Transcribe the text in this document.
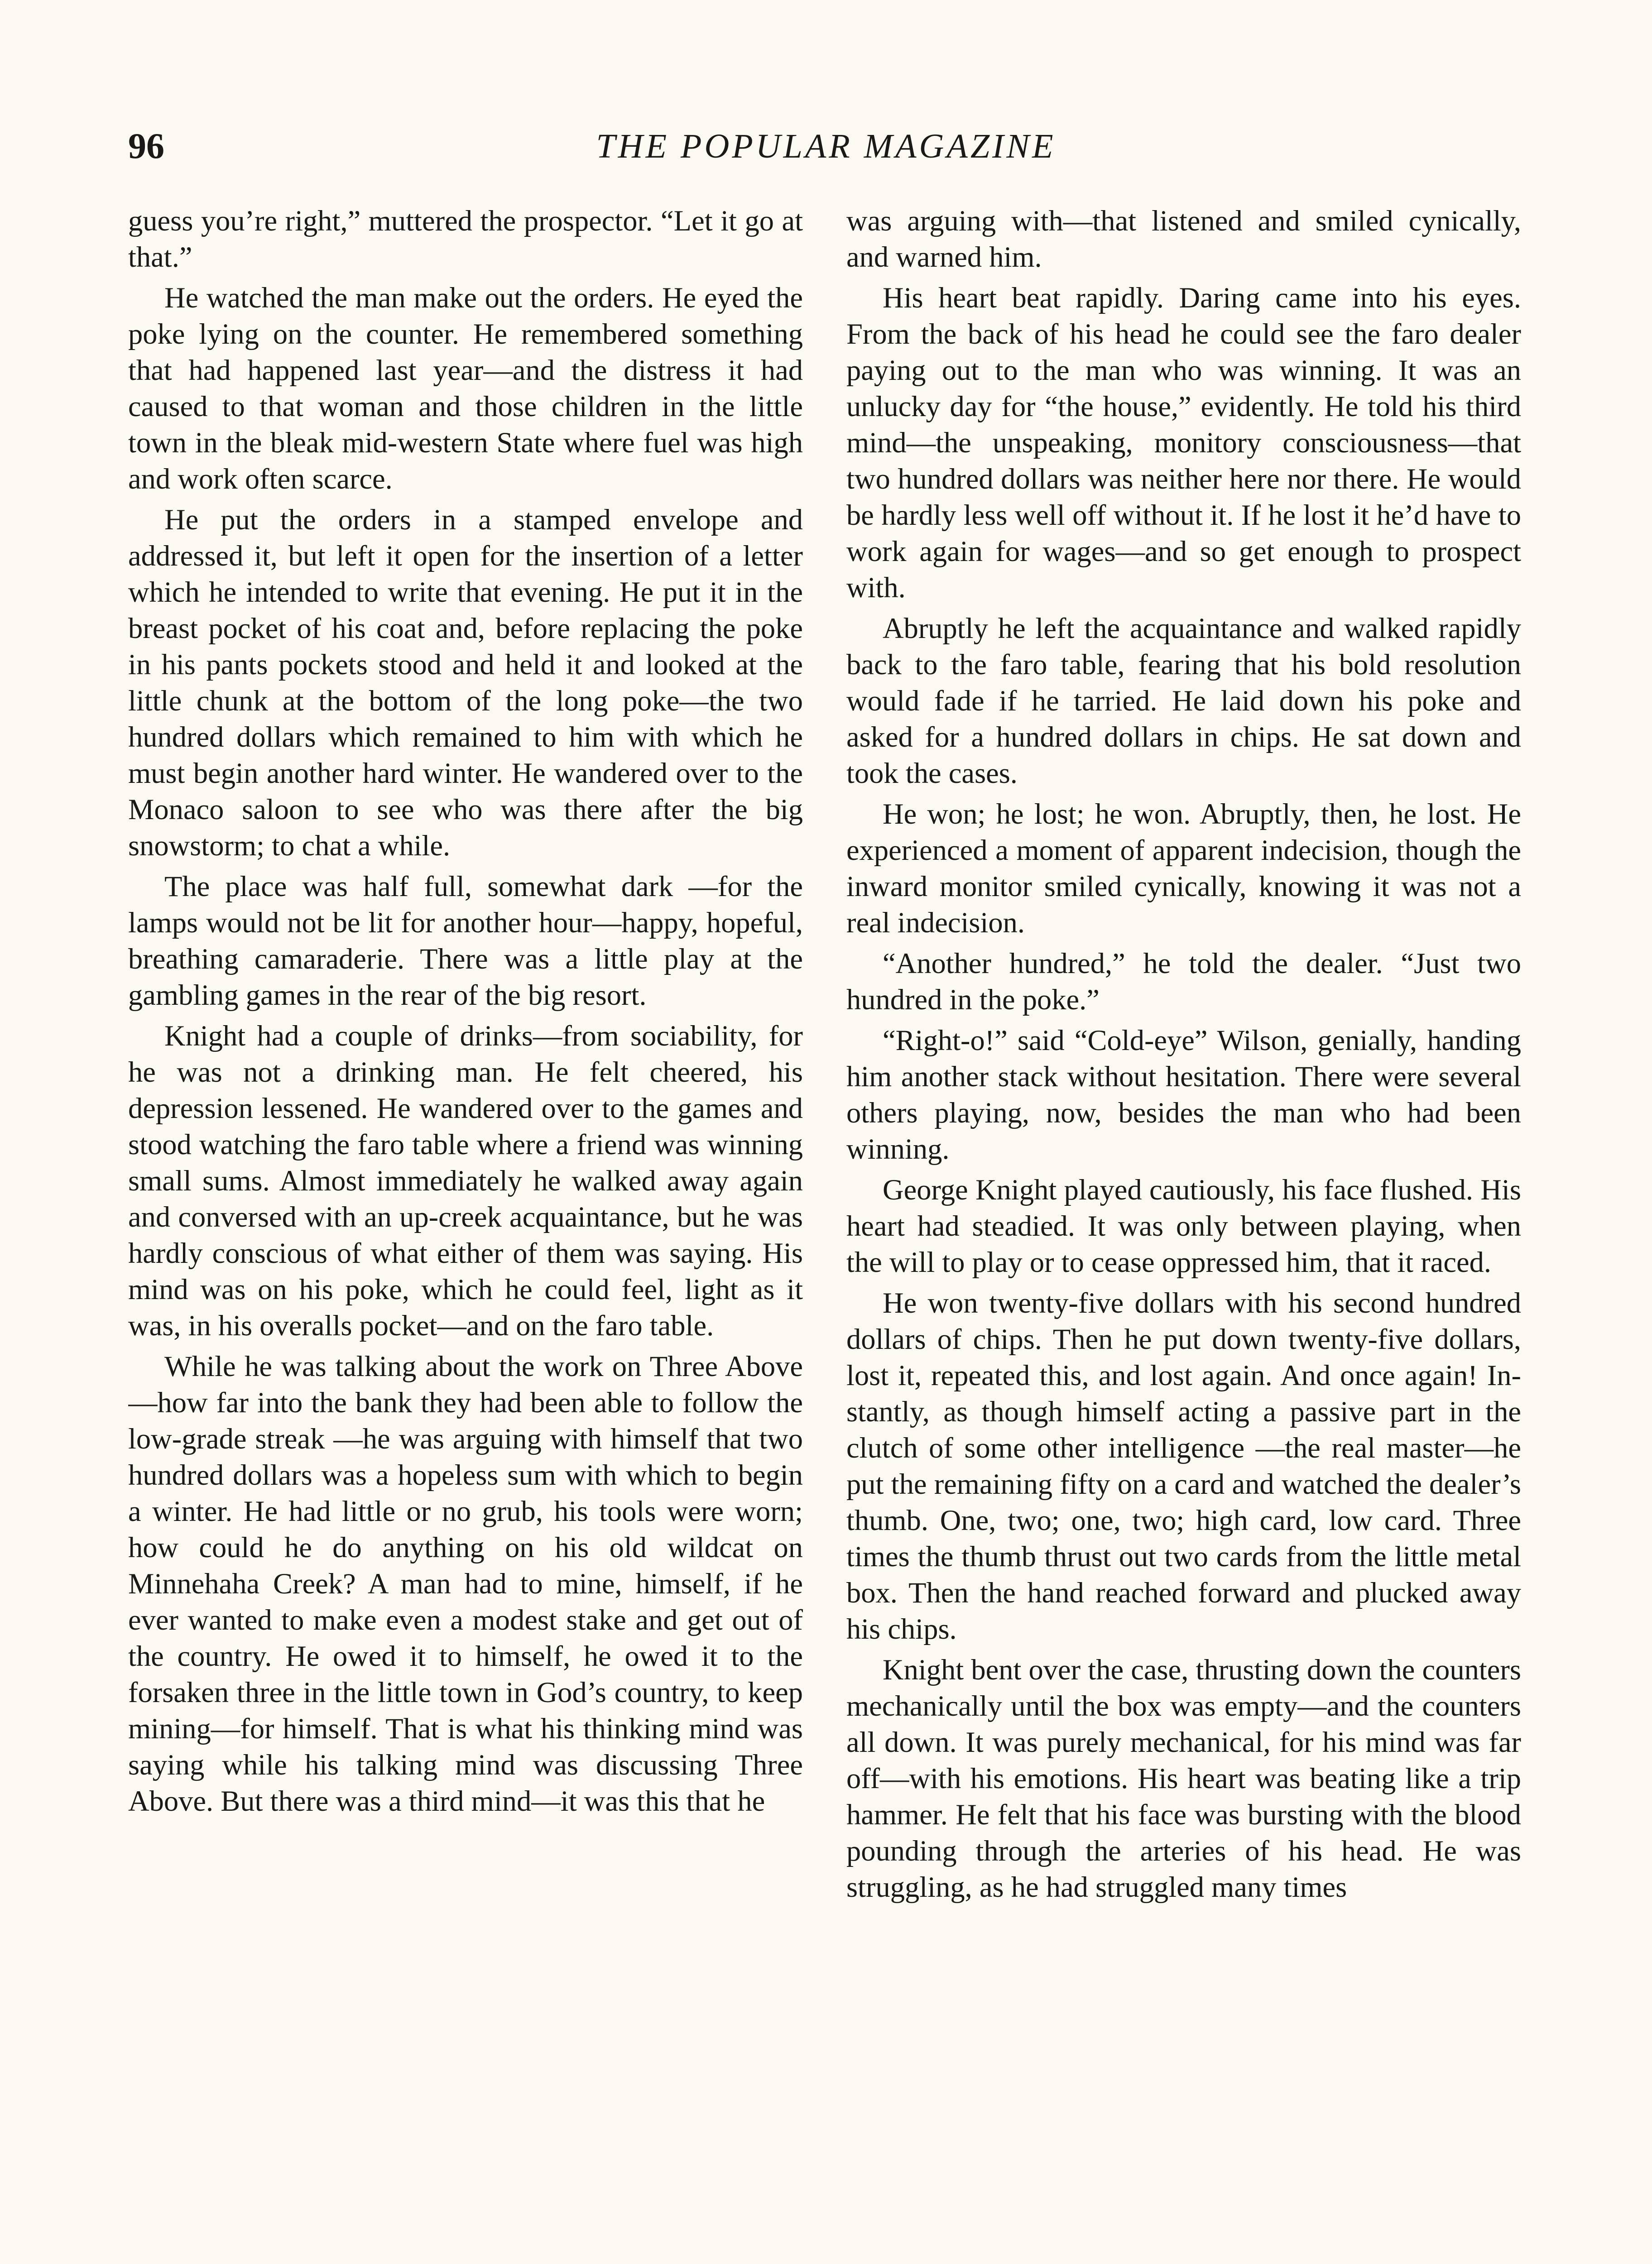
96	THE POPULAR MAGAZINE

guess you’re right,” muttered the prospector. “Let it go at that.”

He watched the man make out the orders. He eyed the poke lying on the counter. He remembered something that had happened last year—and the distress it had caused to that woman and those children in the little town in the bleak mid-western State where fuel was high and work often scarce.

He put the orders in a stamped envelope and addressed it, but left it open for the insertion of a letter which he intended to write that evening. He put it in the breast pocket of his coat and, before replacing the poke in his pants pockets stood and held it and looked at the little chunk at the bottom of the long poke—the two hundred dollars which remained to him with which he must begin another hard winter. He wandered over to the Monaco saloon to see who was there after the big snowstorm; to chat a while.

The place was half full, somewhat dark —for the lamps would not be lit for another hour—happy, hopeful, breathing camaraderie. There was a little play at the gambling games in the rear of the big resort.

Knight had a couple of drinks—from sociability, for he was not a drinking man. He felt cheered, his depression lessened. He wandered over to the games and stood watching the faro table where a friend was winning small sums. Almost immediately he walked away again and conversed with an up-creek acquaintance, but he was hardly conscious of what either of them was saying. His mind was on his poke, which he could feel, light as it was, in his overalls pocket—and on the faro table.

While he was talking about the work on Three Above—how far into the bank they had been able to follow the low-grade streak —he was arguing with himself that two hundred dollars was a hopeless sum with which to begin a winter. He had little or no grub, his tools were worn; how could he do anything on his old wildcat on Minnehaha Creek? A man had to mine, himself, if he ever wanted to make even a modest stake and get out of the country. He owed it to himself, he owed it to the forsaken three in the little town in God’s country, to keep mining—for himself. That is what his thinking mind was saying while his talking mind was discussing Three Above. But there was a third mind—it was this that he

was arguing with—that listened and smiled cynically, and warned him.

His heart beat rapidly. Daring came into his eyes. From the back of his head he could see the faro dealer paying out to the man who was winning. It was an unlucky day for “the house,” evidently. He told his third mind—the unspeaking, monitory consciousness—that two hundred dollars was neither here nor there. He would be hardly less well off without it. If he lost it he’d have to work again for wages—and so get enough to prospect with.

Abruptly he left the acquaintance and walked rapidly back to the faro table, fearing that his bold resolution would fade if he tarried. He laid down his poke and asked for a hundred dollars in chips. He sat down and took the cases.

He won; he lost; he won. Abruptly, then, he lost. He experienced a moment of apparent indecision, though the inward monitor smiled cynically, knowing it was not a real indecision.

“Another hundred,” he told the dealer. “Just two hundred in the poke.”

“Right-o!” said “Cold-eye” Wilson, genially, handing him another stack without hesitation. There were several others playing, now, besides the man who had been winning.

George Knight played cautiously, his face flushed. His heart had steadied. It was only between playing, when the will to play or to cease oppressed him, that it raced.

He won twenty-five dollars with his second hundred dollars of chips. Then he put down twenty-five dollars, lost it, repeated this, and lost again. And once again! Instantly, as though himself acting a passive part in the clutch of some other intelligence —the real master—he put the remaining fifty on a card and watched the dealer’s thumb. One, two; one, two; high card, low card. Three times the thumb thrust out two cards from the little metal box. Then the hand reached forward and plucked away his chips.

Knight bent over the case, thrusting down the counters mechanically until the box was empty—and the counters all down. It was purely mechanical, for his mind was far off—with his emotions. His heart was beating like a trip hammer. He felt that his face was bursting with the blood pounding through the arteries of his head. He was struggling, as he had struggled many times
